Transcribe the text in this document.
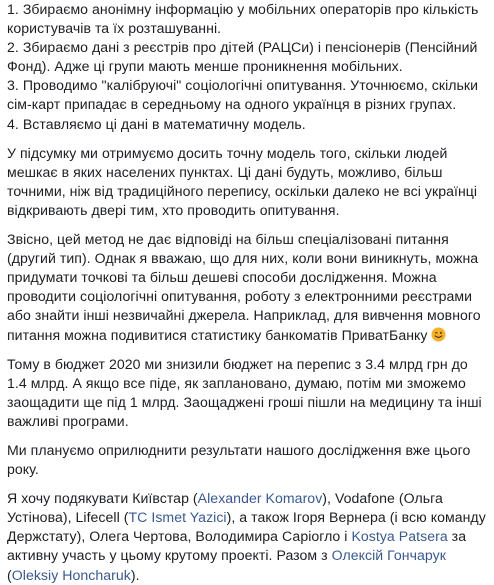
1. Збираємо анонімну інформацію у мобільних операторів про кількість
користувачів та їх розташуванні.
2. Збираємо дані з реєстрів про дітей (РАЦСи) і пенсіонерів (Пенсійний
Фонд). Адже ці групи мають менше проникнення мобільних.
3. Проводимо "калібруючі" соціологічні опитування. Уточнюємо, скільки
сім-карт припадає в середньому на одного українця в різних групах.
4. Вставляємо ці дані в математичну модель.
У підсумку ми отримуємо досить точну модель того, скільки людей
мешкає в яких населених пунктах. Ці дані будуть, можливо, більш
точними, ніж від традиційного перепису, оскільки далеко не всі українці
відкривають двері тим, хто проводить опитування.
Звісно, цей метод не дає відповіді на більш спеціалізовані питання
(другий тип). Однак я вважаю, що для них, коли вони виникнуть, можна
придумати точкові та більш дешеві способи дослідження. Можна
проводити соціологічні опитування, роботу з електронними реєстрами
або знайти інші незвичайні джерела. Наприклад, для вивчення мовного
питання можна подивитися статистику банкоматів ПриватБанку
Тому в бюджет 2020 ми знизили бюджет на перепис з 3.4 млрд грн до
1.4 млрд. А якщо все піде, як заплановано, думаю, потім ми зможемо
заощадити ще під 1 млрд. Заощаджені гроші пішли на медицину та інші
важливі програми.
Ми плануємо оприлюднити результати нашого дослідження вже цього
року.
Я хочу подякувати Київстар (Alexander Komarov), Vodafone (Ольга
Устінова), Lifecell (TC Ismet Yazici), а також Ігоря Вернера (і всю команду
Держстату), Олега Чертова, Володимира Саріоглo і Kostya Patsera за
активну участь у цьому крутому проекті. Разом з Олексій Гончарук
(Oleksiy Honcharuk).
